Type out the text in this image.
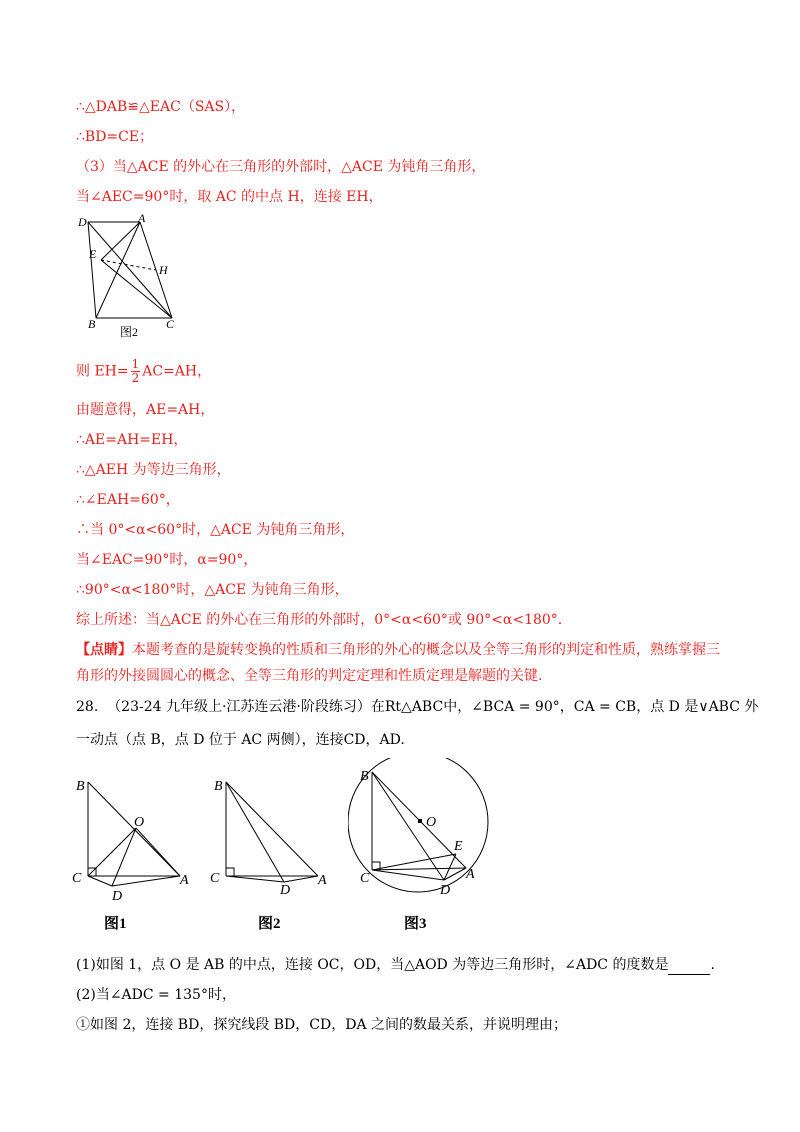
∴△DAB≌△EAC（SAS），
∴BD=CE；
（3）当△ACE 的外心在三角形的外部时，△ACE 为钝角三角形，
当∠AEC=90°时，取 AC 的中点 H，连接 EH，
D	A
E
H
B	C
图2
则 $EH= \frac{1}{2} AC=AH$，
由题意得，AE=AH，
∴AE=AH=EH，
∴△AEH 为等边三角形，
∴∠EAH=60°，
∴当 0°<α<60°时，△ACE 为钝角三角形，
当∠EAC=90°时，α=90°，
∴90°<α<180°时，△ACE 为钝角三角形，
综上所述：当△ACE 的外心在三角形的外部时，0°<α<60°或 90°<α<180°.
【点睛】本题考查的是旋转变换的性质和三角形的外心的概念以及全等三角形的判定和性质，熟练掌握三
角形的外接圆圆心的概念、全等三角形的判定定理和性质定理是解题的关键.
28. （23-24 九年级上·江苏连云港·阶段练习）在Rt△ABC中，∠BCA = 90°，CA = CB，点 D 是∨ABC 外
一动点（点 B，点 D 位于 AC 两侧），连接CD，AD.
B
O
C	A
D
图1
B
C
D
A
图2
B
O
E
C	A
D
图3
(1)如图 1，点 O 是 AB 的中点，连接 OC，OD，当△AOD 为等边三角形时，∠ADC 的度数是	.
(2)当∠ADC = 135°时，
①如图 2，连接 BD，探究线段 BD，CD，DA 之间的数最关系，并说明理由；
